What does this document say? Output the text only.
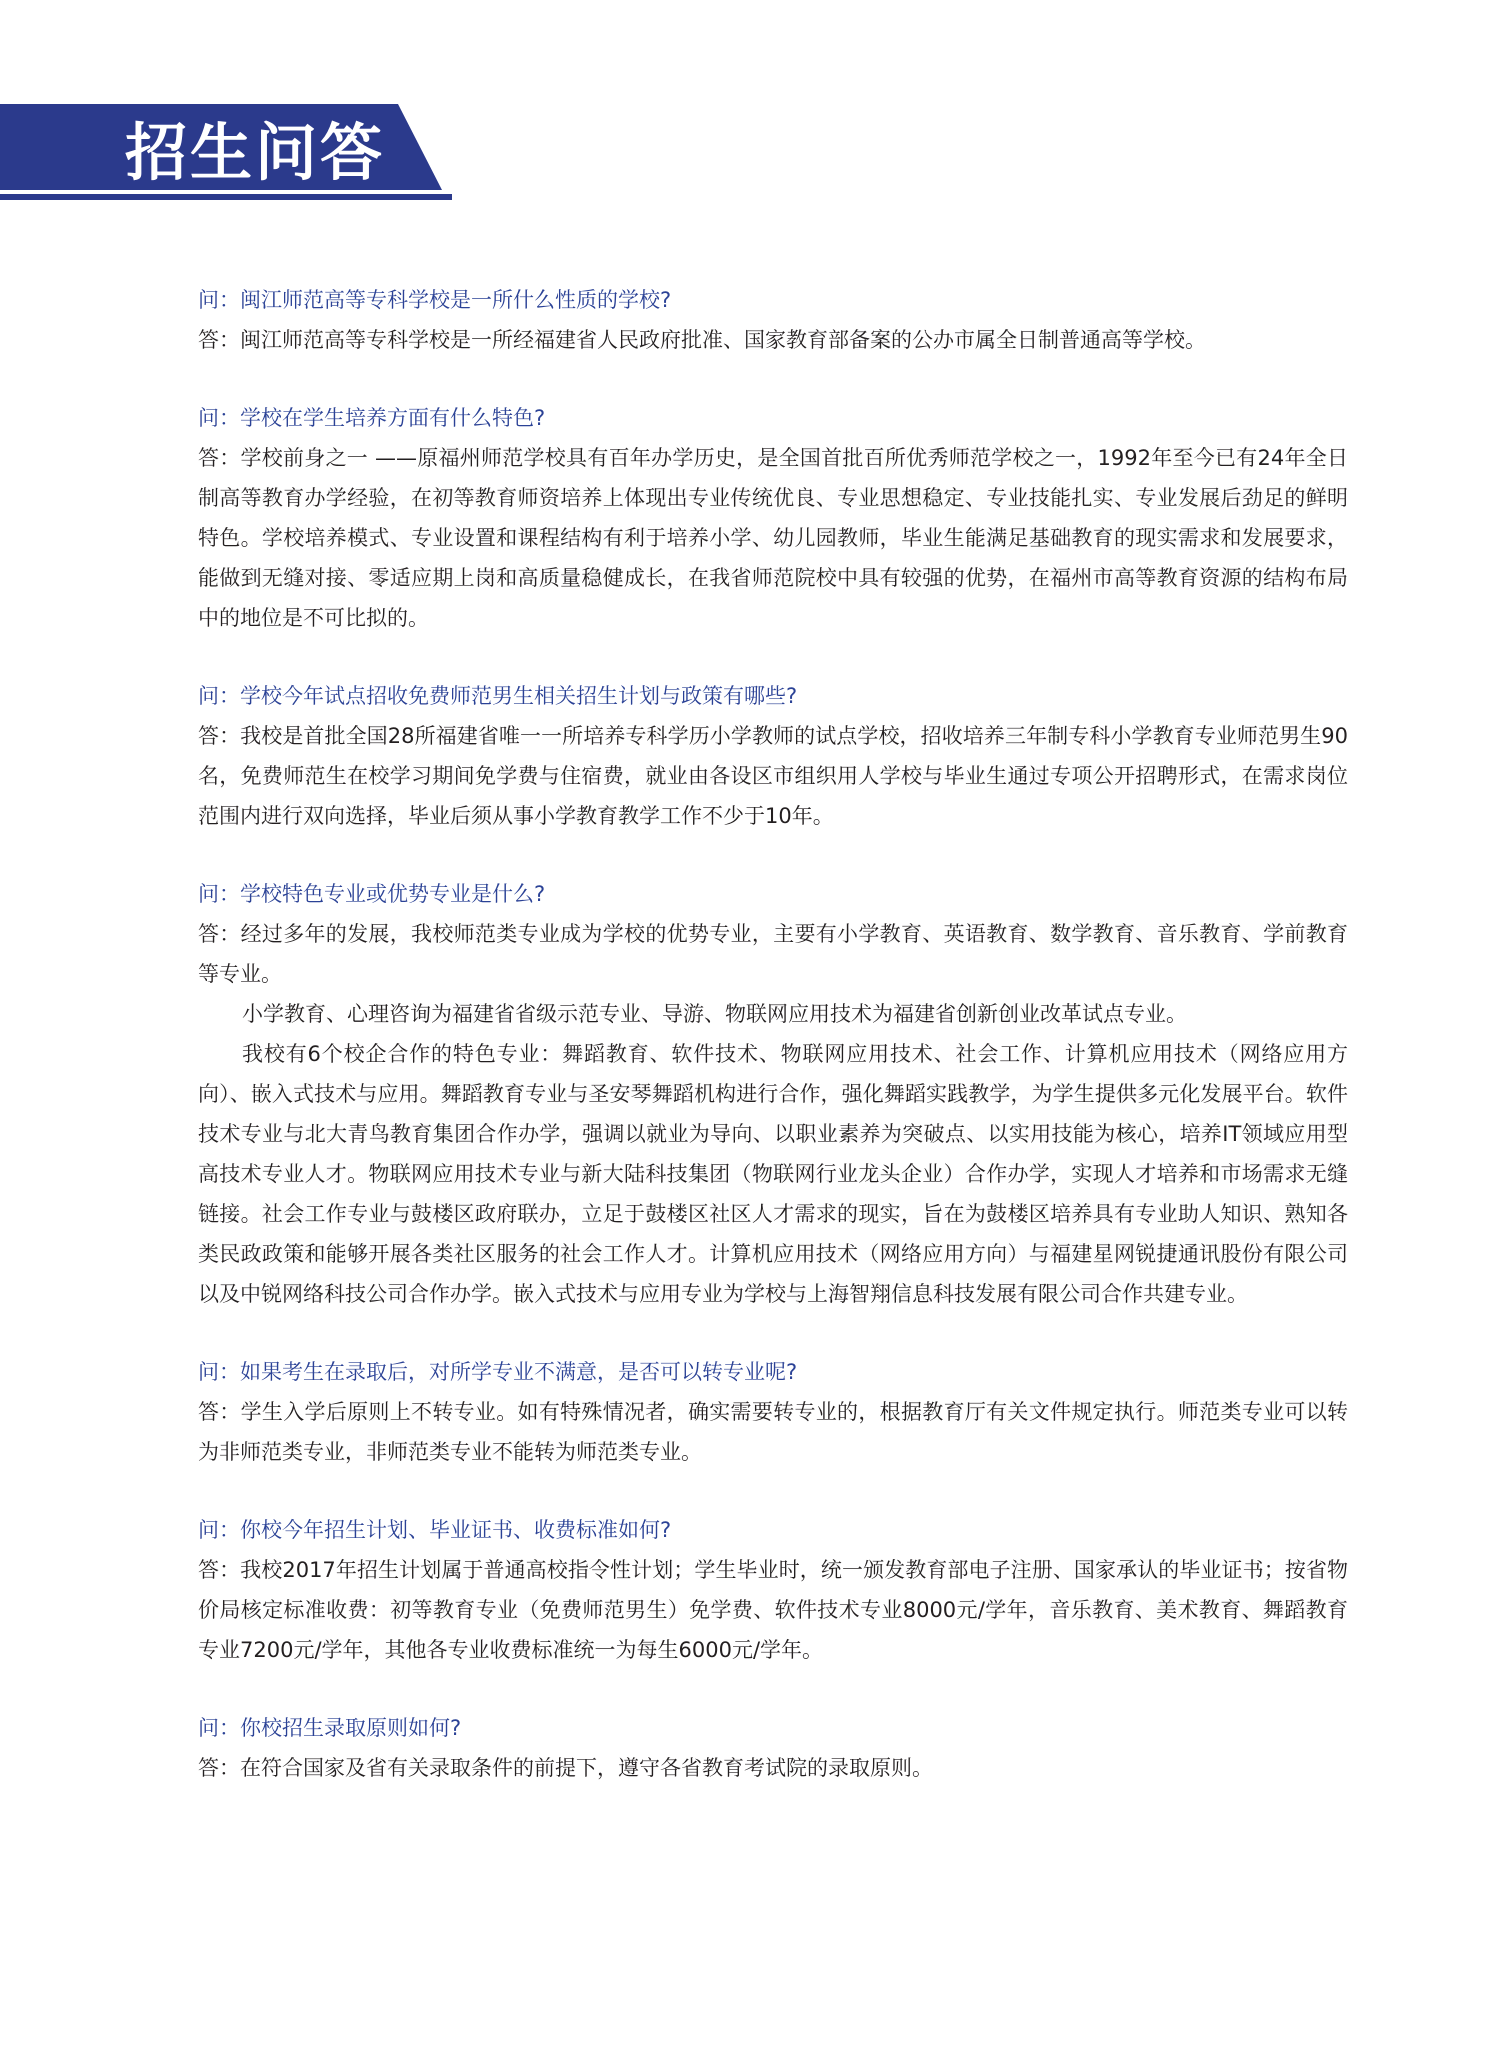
招生问答

问：闽江师范高等专科学校是一所什么性质的学校?

答：闽江师范高等专科学校是一所经福建省人民政府批准、国家教育部备案的公办市属全日制普通高等学校。

问：学校在学生培养方面有什么特色?

答：学校前身之一 ——原福州师范学校具有百年办学历史，是全国首批百所优秀师范学校之一，1992年至今已有24年全日制高等教育办学经验，在初等教育师资培养上体现出专业传统优良、专业思想稳定、专业技能扎实、专业发展后劲足的鲜明特色。学校培养模式、专业设置和课程结构有利于培养小学、幼儿园教师，毕业生能满足基础教育的现实需求和发展要求，能做到无缝对接、零适应期上岗和高质量稳健成长，在我省师范院校中具有较强的优势，在福州市高等教育资源的结构布局中的地位是不可比拟的。

问：学校今年试点招收免费师范男生相关招生计划与政策有哪些?

答：我校是首批全国28所福建省唯一一所培养专科学历小学教师的试点学校，招收培养三年制专科小学教育专业师范男生90名，免费师范生在校学习期间免学费与住宿费，就业由各设区市组织用人学校与毕业生通过专项公开招聘形式，在需求岗位范围内进行双向选择，毕业后须从事小学教育教学工作不少于10年。

问：学校特色专业或优势专业是什么?

答：经过多年的发展，我校师范类专业成为学校的优势专业，主要有小学教育、英语教育、数学教育、音乐教育、学前教育等专业。

小学教育、心理咨询为福建省省级示范专业、导游、物联网应用技术为福建省创新创业改革试点专业。

我校有6个校企合作的特色专业：舞蹈教育、软件技术、物联网应用技术、社会工作、计算机应用技术（网络应用方向）、嵌入式技术与应用。舞蹈教育专业与圣安琴舞蹈机构进行合作，强化舞蹈实践教学，为学生提供多元化发展平台。软件技术专业与北大青鸟教育集团合作办学，强调以就业为导向、以职业素养为突破点、以实用技能为核心，培养IT领域应用型高技术专业人才。物联网应用技术专业与新大陆科技集团（物联网行业龙头企业）合作办学，实现人才培养和市场需求无缝链接。社会工作专业与鼓楼区政府联办，立足于鼓楼区社区人才需求的现实，旨在为鼓楼区培养具有专业助人知识、熟知各类民政政策和能够开展各类社区服务的社会工作人才。计算机应用技术（网络应用方向）与福建星网锐捷通讯股份有限公司以及中锐网络科技公司合作办学。嵌入式技术与应用专业为学校与上海智翔信息科技发展有限公司合作共建专业。

问：如果考生在录取后，对所学专业不满意，是否可以转专业呢?

答：学生入学后原则上不转专业。如有特殊情况者，确实需要转专业的，根据教育厅有关文件规定执行。师范类专业可以转为非师范类专业，非师范类专业不能转为师范类专业。

问：你校今年招生计划、毕业证书、收费标准如何?

答：我校2017年招生计划属于普通高校指令性计划；学生毕业时，统一颁发教育部电子注册、国家承认的毕业证书；按省物价局核定标准收费：初等教育专业（免费师范男生）免学费、软件技术专业8000元/学年，音乐教育、美术教育、舞蹈教育专业7200元/学年，其他各专业收费标准统一为每生6000元/学年。

问：你校招生录取原则如何?

答：在符合国家及省有关录取条件的前提下，遵守各省教育考试院的录取原则。
